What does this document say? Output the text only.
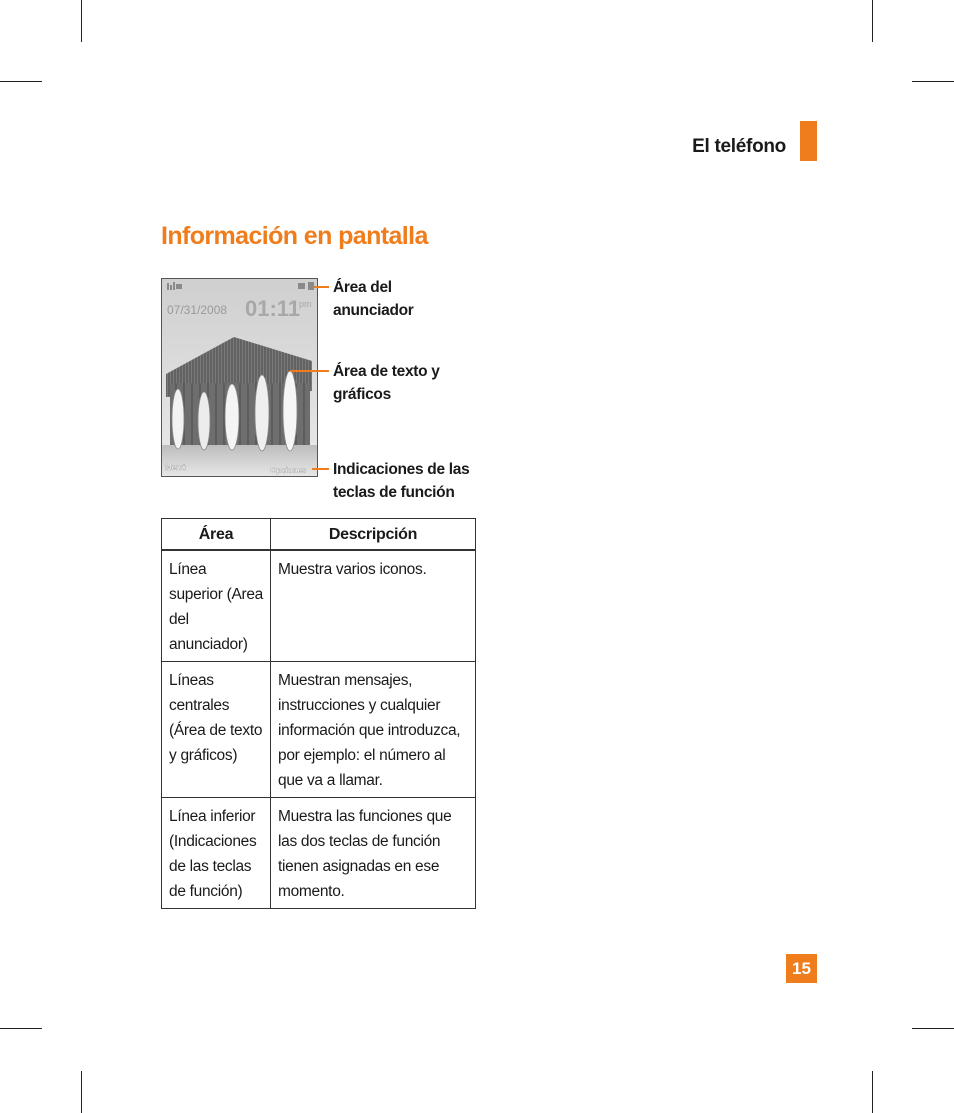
El teléfono
Información en pantalla
07/31/2008 01:11
pm
Menú	Opciones
Área del
anunciador
Área de texto y
gráficos
Indicaciones de las
teclas de función
Área	Descripción
Línea superior (Area del anunciador)	Muestra varios iconos.
Líneas centrales (Área de texto y gráficos)	Muestran mensajes, instrucciones y cualquier información que introduzca, por ejemplo: el número al que va a llamar.
Línea inferior (Indicaciones de las teclas de función)	Muestra las funciones que las dos teclas de función tienen asignadas en ese momento.
15
